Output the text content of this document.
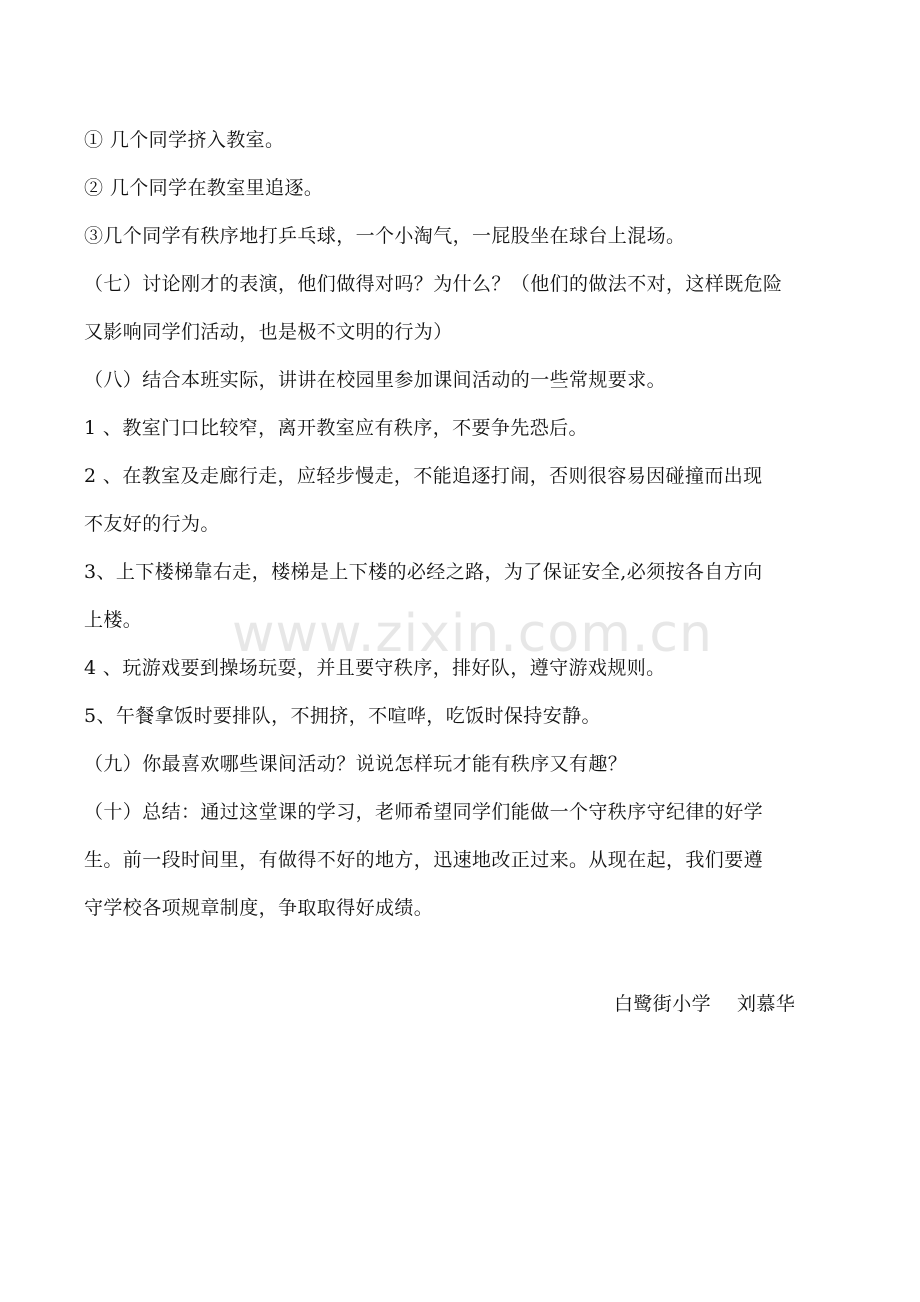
www.zixin.com.cn
① 几个同学挤入教室。
② 几个同学在教室里追逐。
③几个同学有秩序地打乒乓球，一个小淘气，一屁股坐在球台上混场。
（七）讨论刚才的表演，他们做得对吗？为什么？（他们的做法不对，这样既危险
又影响同学们活动，也是极不文明的行为）
（八）结合本班实际，讲讲在校园里参加课间活动的一些常规要求。
1 、教室门口比较窄，离开教室应有秩序，不要争先恐后。
2 、在教室及走廊行走，应轻步慢走，不能追逐打闹，否则很容易因碰撞而出现
不友好的行为。
3、上下楼梯靠右走，楼梯是上下楼的必经之路，为了保证安全,必须按各自方向
上楼。
4 、玩游戏要到操场玩耍，并且要守秩序，排好队，遵守游戏规则。
5、午餐拿饭时要排队，不拥挤，不喧哗，吃饭时保持安静。
（九）你最喜欢哪些课间活动？说说怎样玩才能有秩序又有趣？
（十）总结：通过这堂课的学习，老师希望同学们能做一个守秩序守纪律的好学
生。前一段时间里，有做得不好的地方，迅速地改正过来。从现在起，我们要遵
守学校各项规章制度，争取取得好成绩。
白鹭街小学 刘慕华
